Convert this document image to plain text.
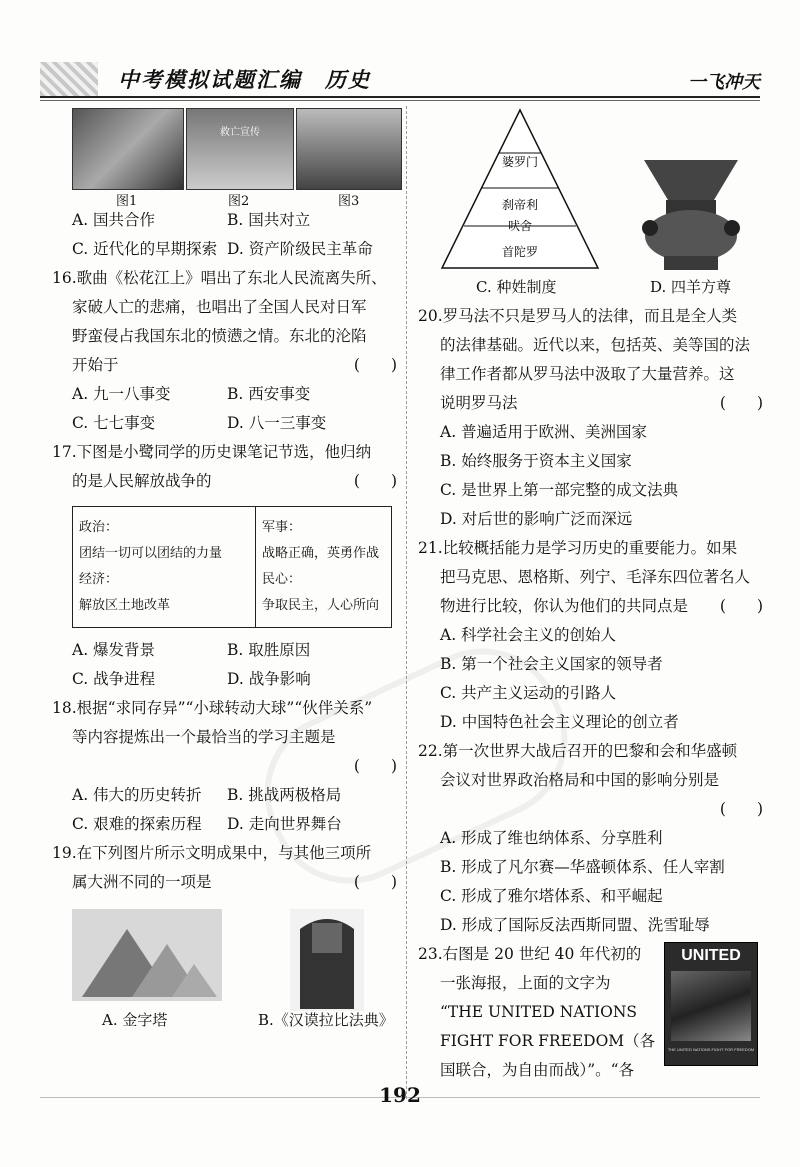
中考模拟试题汇编　历史	一飞冲天
救亡宣传
图1	图2	图3
A. 国共合作	B. 国共对立
C. 近代化的早期探索 D. 资产阶级民主革命
16.歌曲《松花江上》唱出了东北人民流离失所、
家破人亡的悲痛，也唱出了全国人民对日军
野蛮侵占我国东北的愤懑之情。东北的沦陷
开始于	(　　)
A. 九一八事变	B. 西安事变
C. 七七事变	D. 八一三事变
17.下图是小鹭同学的历史课笔记节选，他归纳
的是人民解放战争的	(　　)
政治：
团结一切可以团结的力量
经济：
解放区土地改革

军事：
战略正确，英勇作战
民心：
争取民主，人心所向
A. 爆发背景	B. 取胜原因
C. 战争进程	D. 战争影响
18.根据“求同存异”“小球转动大球”“伙伴关系”
等内容提炼出一个最恰当的学习主题是
(　　)
A. 伟大的历史转折	B. 挑战两极格局
C. 艰难的探索历程	D. 走向世界舞台
19.在下列图片所示文明成果中，与其他三项所
属大洲不同的一项是	(　　)
A. 金字塔	B.《汉谟拉比法典》
婆罗门
刹帝利
吠舍
首陀罗
C. 种姓制度	D. 四羊方尊
20.罗马法不只是罗马人的法律，而且是全人类
的法律基础。近代以来，包括英、美等国的法
律工作者都从罗马法中汲取了大量营养。这
说明罗马法	(　　)
A. 普遍适用于欧洲、美洲国家
B. 始终服务于资本主义国家
C. 是世界上第一部完整的成文法典
D. 对后世的影响广泛而深远
21.比较概括能力是学习历史的重要能力。如果
把马克思、恩格斯、列宁、毛泽东四位著名人
物进行比较，你认为他们的共同点是 (　　)
A. 科学社会主义的创始人
B. 第一个社会主义国家的领导者
C. 共产主义运动的引路人
D. 中国特色社会主义理论的创立者
22.第一次世界大战后召开的巴黎和会和华盛顿
会议对世界政治格局和中国的影响分别是
(　　)
A. 形成了维也纳体系、分享胜利
B. 形成了凡尔赛—华盛顿体系、任人宰割
C. 形成了雅尔塔体系、和平崛起
D. 形成了国际反法西斯同盟、洗雪耻辱
23.右图是 20 世纪 40 年代初的
一张海报，上面的文字为
“THE UNITED NATIONS
FIGHT FOR FREEDOM（各
国联合，为自由而战）”。“各
UNITED
THE UNITED NATIONS FIGHT FOR FREEDOM
192
